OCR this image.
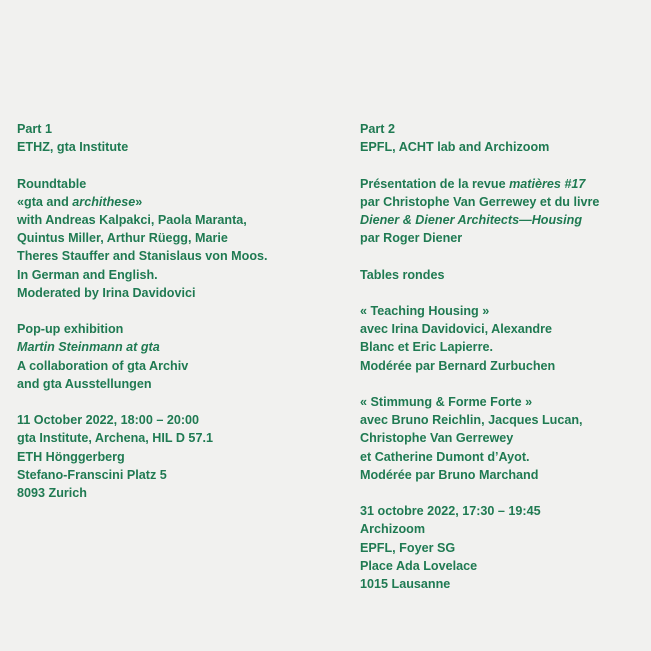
Part 1
ETHZ, gta Institute
Roundtable
«gta and archithese»
with Andreas Kalpakci, Paola Maranta,
Quintus Miller, Arthur Rüegg, Marie
Theres Stauffer and Stanislaus von Moos.
In German and English.
Moderated by Irina Davidovici
Pop-up exhibition
Martin Steinmann at gta
A collaboration of gta Archiv
and gta Ausstellungen
11 October 2022, 18:00 – 20:00
gta Institute, Archena, HIL D 57.1
ETH Hönggerberg
Stefano-Franscini Platz 5
8093 Zurich
Part 2
EPFL, ACHT lab and Archizoom
Présentation de la revue matières #17
par Christophe Van Gerrewey et du livre
Diener & Diener Architects—Housing
par Roger Diener
Tables rondes
« Teaching Housing »
avec Irina Davidovici, Alexandre
Blanc et Eric Lapierre.
Modérée par Bernard Zurbuchen
« Stimmung & Forme Forte »
avec Bruno Reichlin, Jacques Lucan,
Christophe Van Gerrewey
et Catherine Dumont d’Ayot.
Modérée par Bruno Marchand
31 octobre 2022, 17:30 – 19:45
Archizoom
EPFL, Foyer SG
Place Ada Lovelace
1015 Lausanne
